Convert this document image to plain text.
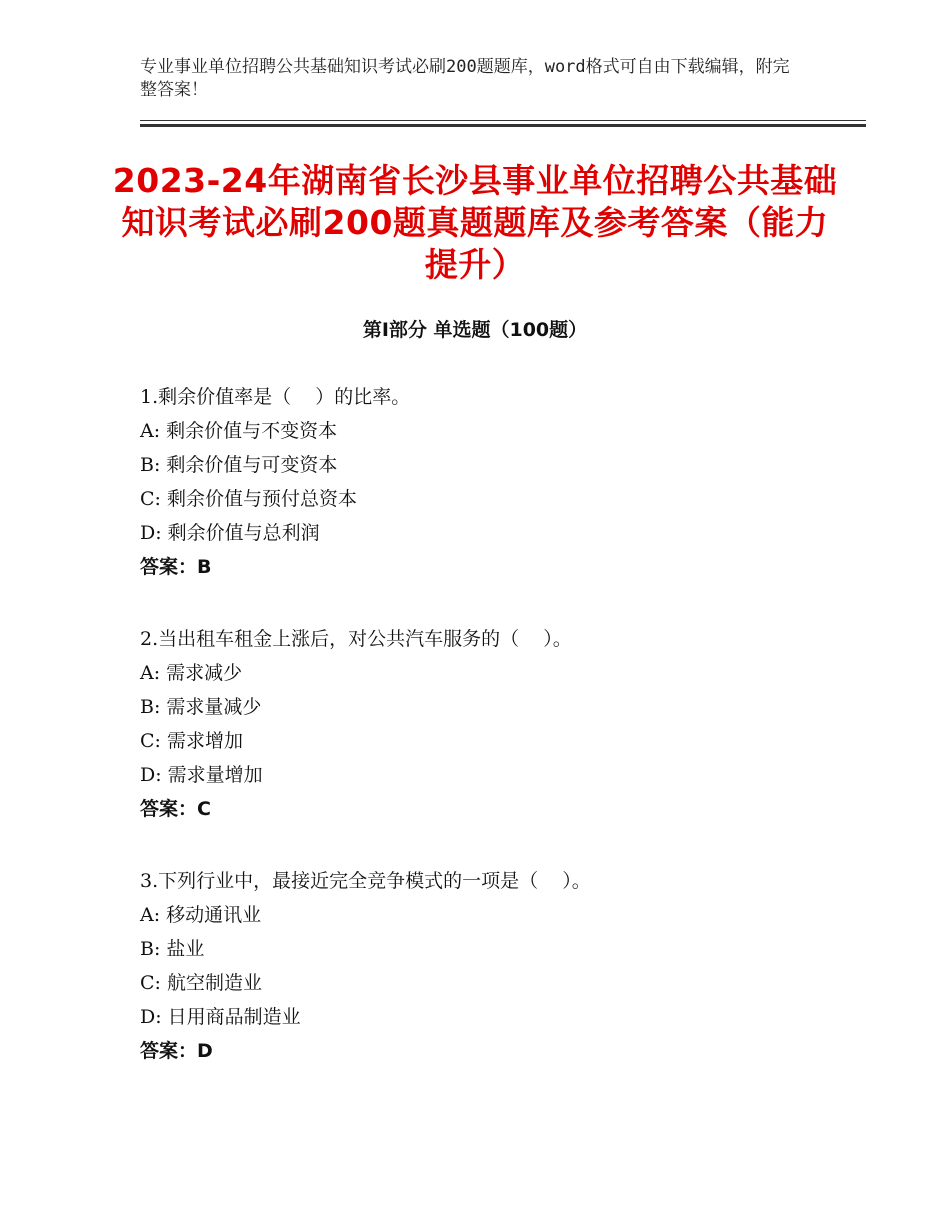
专业事业单位招聘公共基础知识考试必刷200题题库，word格式可自由下载编辑，附完整答案！
2023-24年湖南省长沙县事业单位招聘公共基础知识考试必刷200题真题题库及参考答案（能力提升）
第Ⅰ部分 单选题（100题）
1.剩余价值率是（    ）的比率。
A: 剩余价值与不变资本
B: 剩余价值与可变资本
C: 剩余价值与预付总资本
D: 剩余价值与总利润
答案：B
2.当出租车租金上涨后，对公共汽车服务的（    ）。
A: 需求减少
B: 需求量减少
C: 需求增加
D: 需求量增加
答案：C
3.下列行业中，最接近完全竞争模式的一项是（    ）。
A: 移动通讯业
B: 盐业
C: 航空制造业
D: 日用商品制造业
答案：D
